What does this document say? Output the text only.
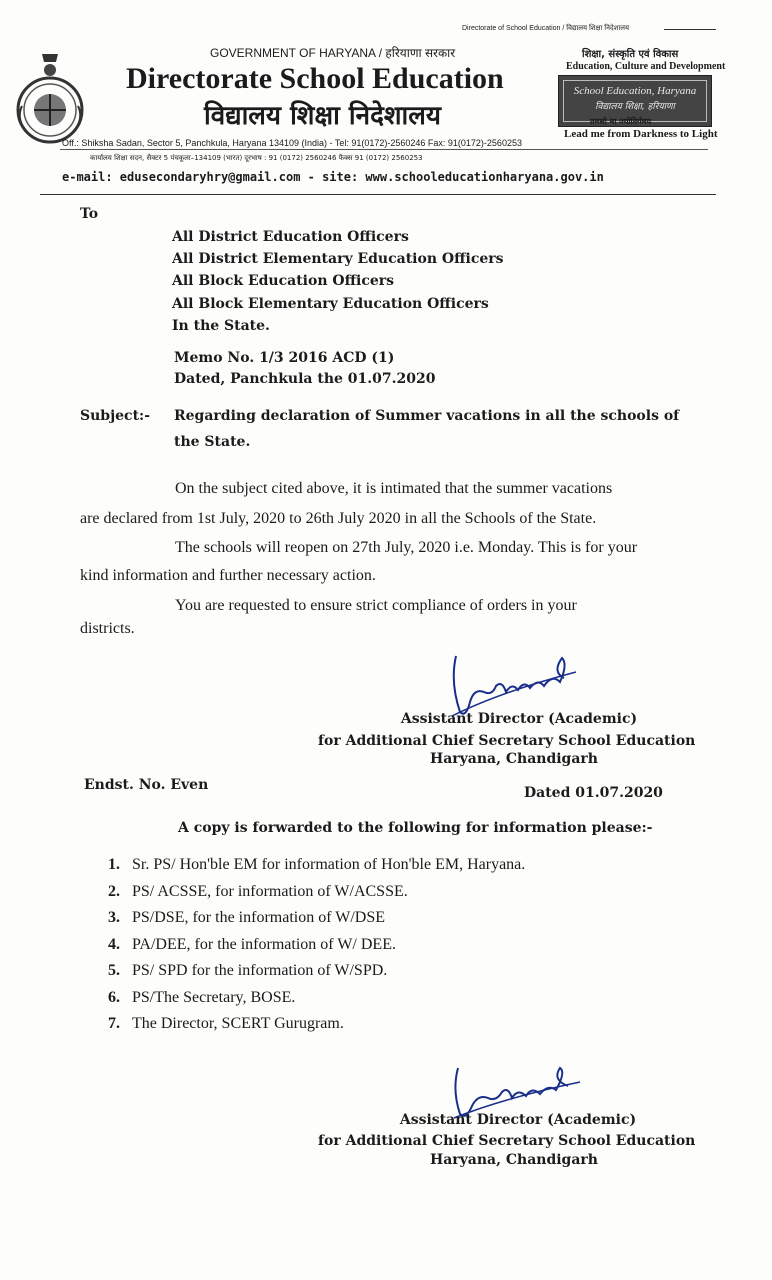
Directorate of School Education / विद्यालय शिक्षा निदेशालय
GOVERNMENT OF HARYANA / हरियाणा सरकार
Directorate School Education
विद्यालय शिक्षा निदेशालय
शिक्षा, संस्कृति एवं विकास
Education, Culture and Development
School Education, Haryana
विद्यालय शिक्षा, हरियाणा
तमसो मा ज्योतिर्गमय
Lead me from Darkness to Light
Off.: Shiksha Sadan, Sector 5, Panchkula, Haryana 134109 (India) - Tel: 91(0172)-2560246 Fax: 91(0172)-2560253
कार्यालय शिक्षा सदन, सैक्टर 5 पंचकूला–134109 (भारत) दूरभाष : 91 (0172) 2560246 फैक्स 91 (0172) 2560253
e-mail: edusecondaryhry@gmail.com - site: www.schooleducationharyana.gov.in
To
All District Education Officers
All District Elementary Education Officers
All Block Education Officers
All Block Elementary Education Officers
In the State.
Memo No. 1/3 2016 ACD (1)
Dated, Panchkula the 01.07.2020
Subject:- Regarding declaration of Summer vacations in all the schools of
the State.
On the subject cited above, it is intimated that the summer vacations
are declared from 1st July, 2020 to 26th July 2020 in all the Schools of the State.
The schools will reopen on 27th July, 2020 i.e. Monday. This is for your
kind information and further necessary action.
You are requested to ensure strict compliance of orders in your
districts.
Assistant Director (Academic)
for Additional Chief Secretary School Education
Haryana, Chandigarh
Endst. No. Even	Dated 01.07.2020
A copy is forwarded to the following for information please:-
1. Sr. PS/ Hon'ble EM for information of Hon'ble EM, Haryana.
2. PS/ ACSSE, for information of W/ACSSE.
3. PS/DSE, for the information of W/DSE
4. PA/DEE, for the information of W/ DEE.
5. PS/ SPD for the information of W/SPD.
6. PS/The Secretary, BOSE.
7. The Director, SCERT Gurugram.
Assistant Director (Academic)
for Additional Chief Secretary School Education
Haryana, Chandigarh
